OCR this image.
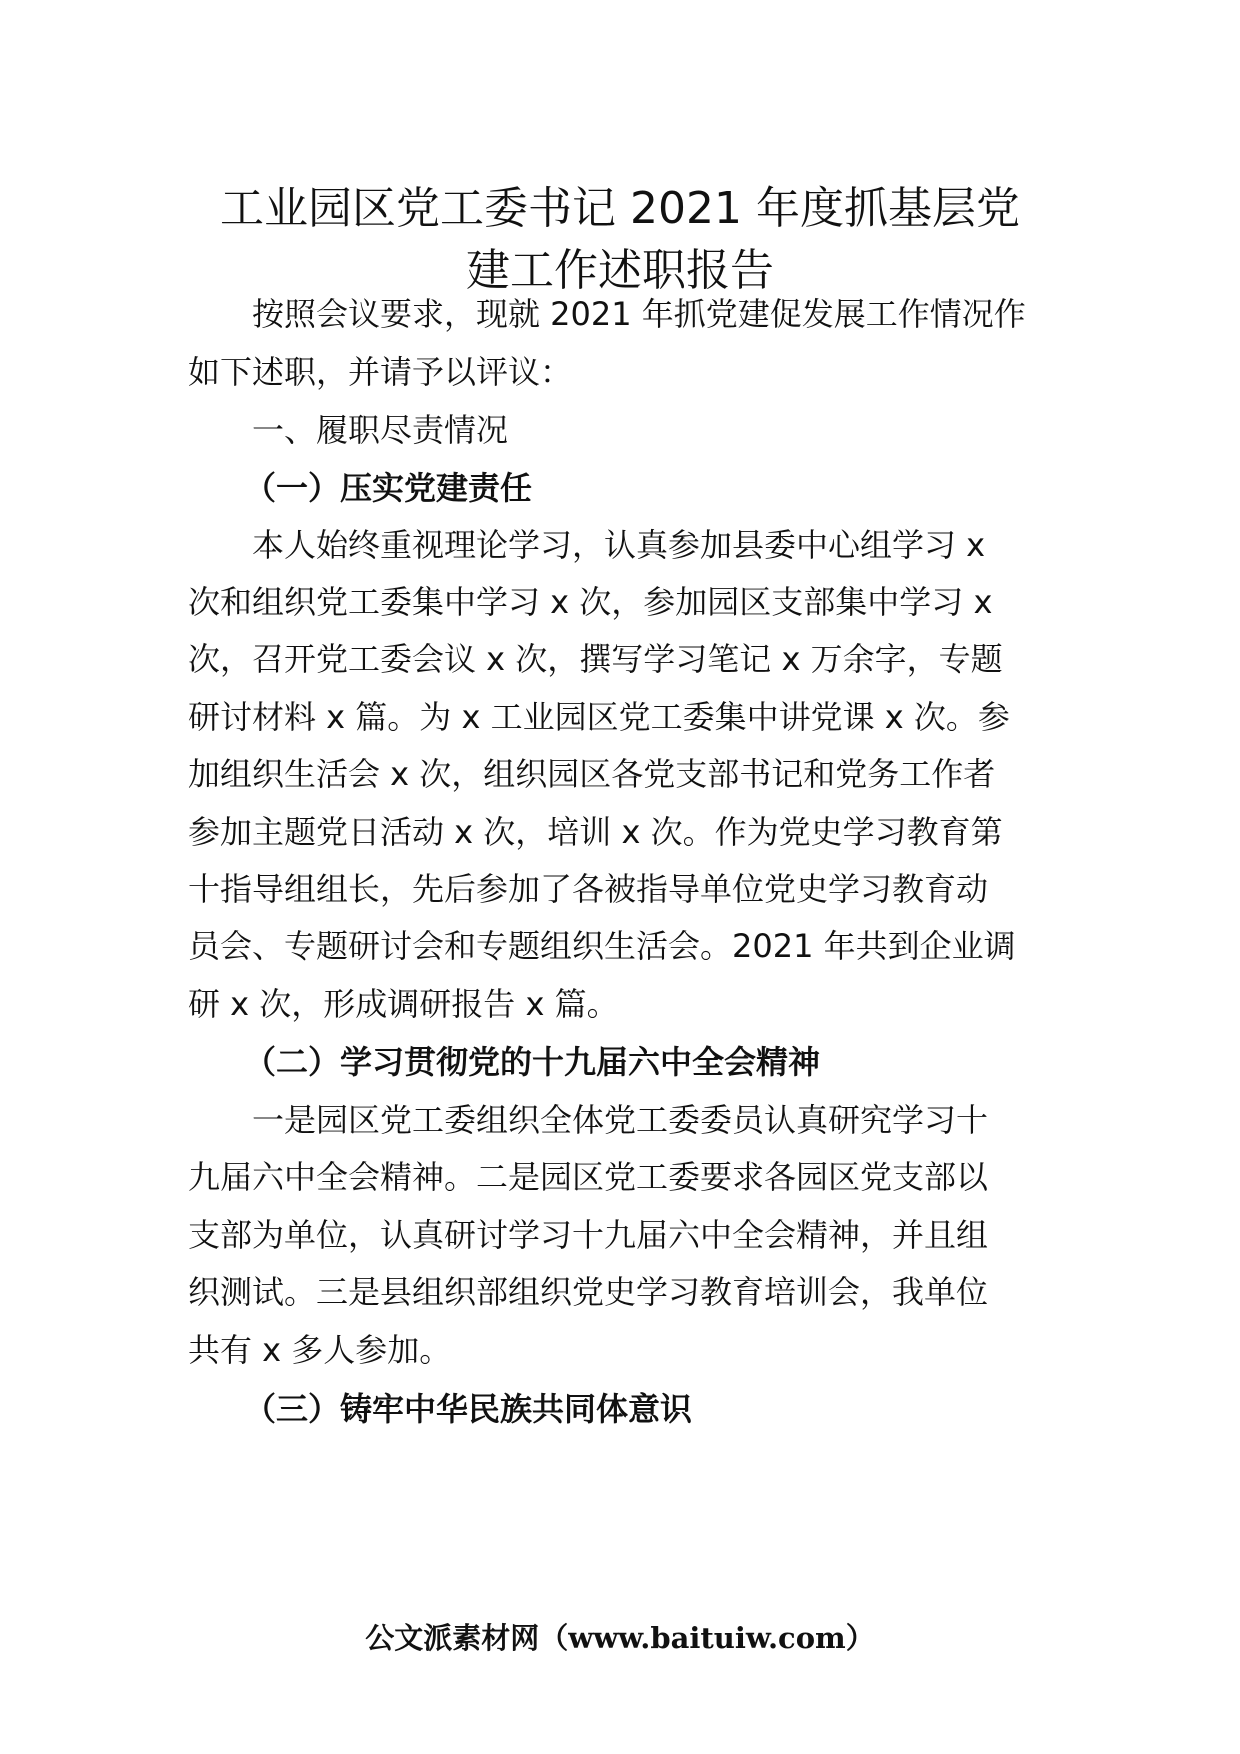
工业园区党工委书记 2021 年度抓基层党
建工作述职报告

按照会议要求，现就 2021 年抓党建促发展工作情况作

如下述职，并请予以评议：

一、履职尽责情况

（一）压实党建责任

本人始终重视理论学习，认真参加县委中心组学习 x

次和组织党工委集中学习 x 次，参加园区支部集中学习 x

次，召开党工委会议 x 次，撰写学习笔记 x 万余字，专题

研讨材料 x 篇。为 x 工业园区党工委集中讲党课 x 次。参

加组织生活会 x 次，组织园区各党支部书记和党务工作者

参加主题党日活动 x 次，培训 x 次。作为党史学习教育第

十指导组组长，先后参加了各被指导单位党史学习教育动

员会、专题研讨会和专题组织生活会。2021 年共到企业调

研 x 次，形成调研报告 x 篇。

（二）学习贯彻党的十九届六中全会精神

一是园区党工委组织全体党工委委员认真研究学习十

九届六中全会精神。二是园区党工委要求各园区党支部以

支部为单位，认真研讨学习十九届六中全会精神，并且组

织测试。三是县组织部组织党史学习教育培训会，我单位

共有 x 多人参加。

（三）铸牢中华民族共同体意识

公文派素材网（www.baituiw.com）
